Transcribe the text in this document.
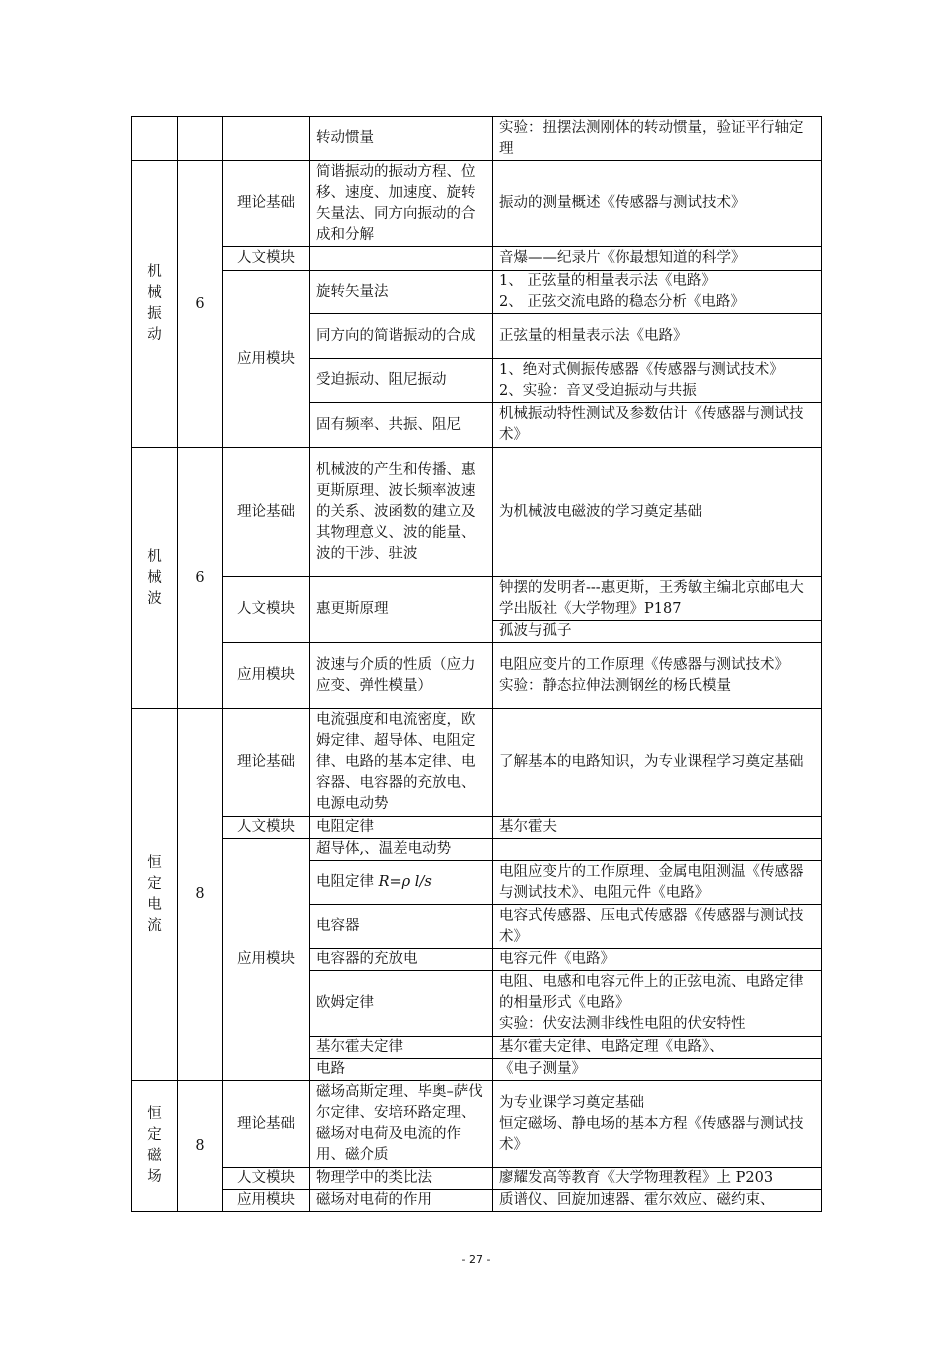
			转动惯量	实验：扭摆法测刚体的转动惯量，验证平行轴定理
机械振动	6	理论基础	简谐振动的振动方程、位移、速度、加速度、旋转矢量法、同方向振动的合成和分解	振动的测量概述《传感器与测试技术》
		人文模块		音爆——纪录片《你最想知道的科学》
		应用模块	旋转矢量法	1、 正弦量的相量表示法《电路》
2、 正弦交流电路的稳态分析《电路》

			同方向的简谐振动的合成	正弦量的相量表示法《电路》
			受迫振动、阻尼振动	1、绝对式侧振传感器《传感器与测试技术》
2、实验：音叉受迫振动与共振

			固有频率、共振、阻尼	机械振动特性测试及参数估计《传感器与测试技术》
机械波	6	理论基础	机械波的产生和传播、惠更斯原理、波长频率波速的关系、波函数的建立及其物理意义、波的能量、波的干涉、驻波	为机械波电磁波的学习奠定基础
		人文模块	惠更斯原理	钟摆的发明者---惠更斯，王秀敏主编北京邮电大学出版社《大学物理》P187
				孤波与孤子
		应用模块	波速与介质的性质（应力应变、弹性模量）	电阻应变片的工作原理《传感器与测试技术》
实验：静态拉伸法测钢丝的杨氏模量

恒定电流	8	理论基础	电流强度和电流密度，欧姆定律、超导体、电阻定律、电路的基本定律、电容器、电容器的充放电、电源电动势	了解基本的电路知识，为专业课程学习奠定基础
		人文模块	电阻定律	基尔霍夫
		应用模块	超导体,、温差电动势	
			电阻定律 R=ρ l/s	电阻应变片的工作原理、金属电阻测温《传感器与测试技术》、电阻元件《电路》
			电容器	电容式传感器、压电式传感器《传感器与测试技术》
			电容器的充放电	电容元件《电路》
			欧姆定律	电阻、电感和电容元件上的正弦电流、电路定律的相量形式《电路》
实验：伏安法测非线性电阻的伏安特性

			基尔霍夫定律	基尔霍夫定律、电路定理《电路》、
			电路	《电子测量》
恒定磁场	8	理论基础	磁场高斯定理、毕奥–萨伐尔定律、安培环路定理、磁场对电荷及电流的作用、磁介质	为专业课学习奠定基础
恒定磁场、静电场的基本方程《传感器与测试技术》

		人文模块	物理学中的类比法	廖耀发高等教育《大学物理教程》上 P203
		应用模块	磁场对电荷的作用	质谱仪、回旋加速器、霍尔效应、磁约束、
- 27 -
